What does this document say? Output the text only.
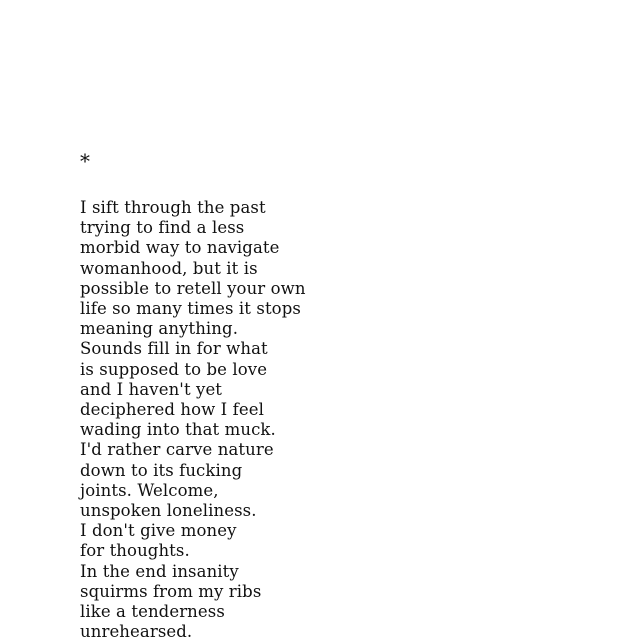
*
I sift through the past
trying to find a less
morbid way to navigate
womanhood, but it is
possible to retell your own
life so many times it stops
meaning anything.
Sounds fill in for what
is supposed to be love
and I haven't yet
deciphered how I feel
wading into that muck.
I'd rather carve nature
down to its fucking
joints. Welcome,
unspoken loneliness.
I don't give money
for thoughts.
In the end insanity
squirms from my ribs
like a tenderness
unrehearsed.
